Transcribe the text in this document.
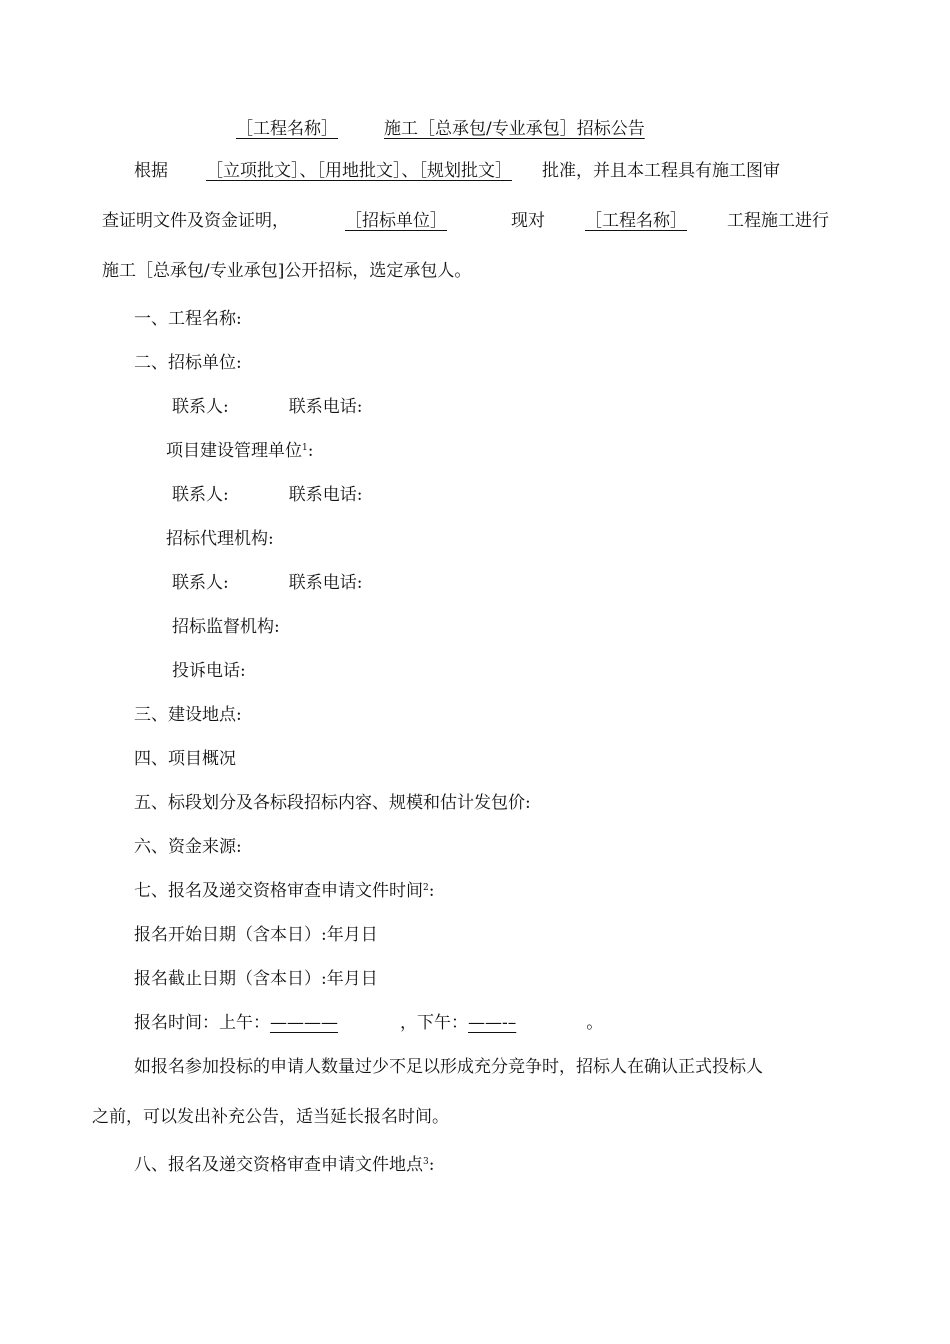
［工程名称］	施工［总承包/专业承包］招标公告
根据 ［立项批文］、［用地批文］、［规划批文］ 批准，并且本工程具有施工图审
查证明文件及资金证明，	［招标单位］	现对 ［工程名称］ 工程施工进行
施工［总承包/专业承包]公开招标，选定承包人。
一、工程名称:
二、招标单位:
联系人:	联系电话:
项目建设管理单位$^1$:
联系人:	联系电话:
招标代理机构:
联系人:	联系电话:
招标监督机构:
投诉电话:
三、建设地点:
四、项目概况
五、标段划分及各标段招标内容、规模和估计发包价:
六、资金来源:
七、报名及递交资格审查申请文件时间$^2$:
报名开始日期（含本日）:年月日
报名截止日期（含本日）:年月日
报名时间：上午：————	，下午：——-–	。
如报名参加投标的申请人数量过少不足以形成充分竞争时，招标人在确认正式投标人
之前，可以发出补充公告，适当延长报名时间。
八、报名及递交资格审查申请文件地点$^3$:
